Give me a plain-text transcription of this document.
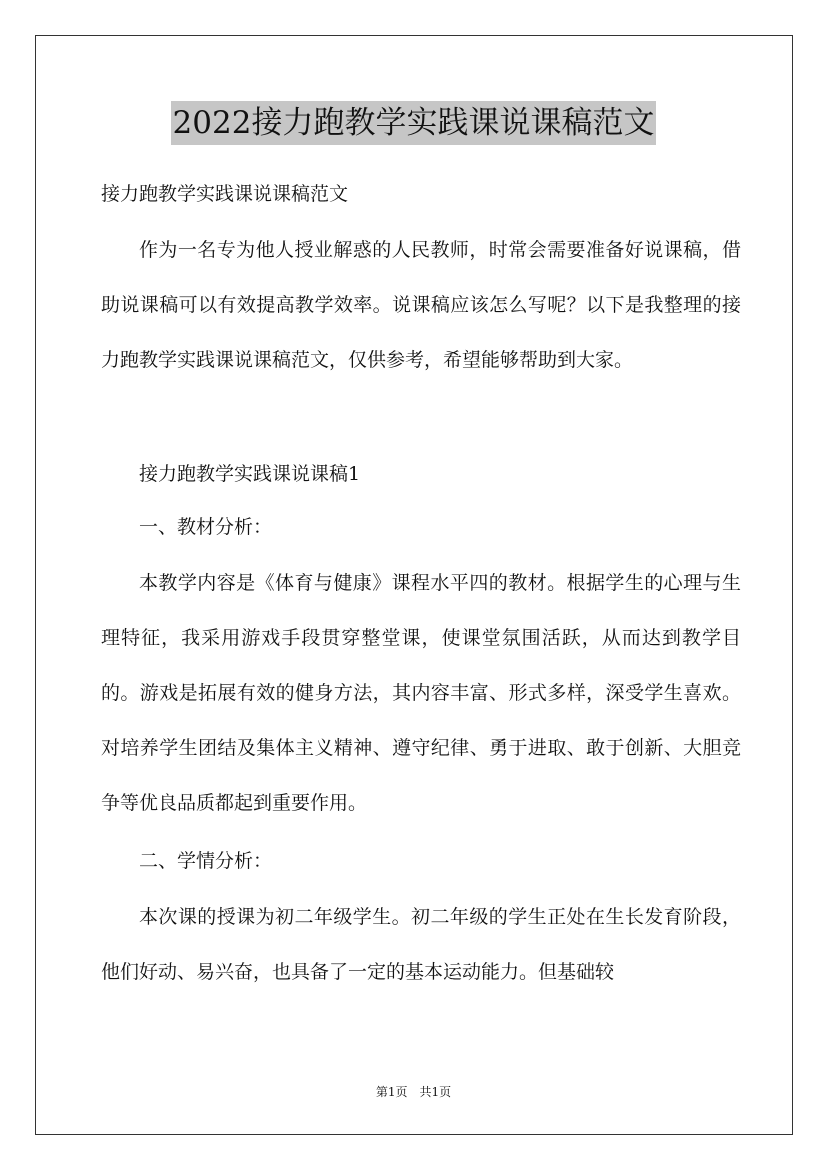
2022接力跑教学实践课说课稿范文

接力跑教学实践课说课稿范文

作为一名专为他人授业解惑的人民教师，时常会需要准备好说课稿，借助说课稿可以有效提高教学效率。说课稿应该怎么写呢？以下是我整理的接力跑教学实践课说课稿范文，仅供参考，希望能够帮助到大家。

接力跑教学实践课说课稿1

一、教材分析：

本教学内容是《体育与健康》课程水平四的教材。根据学生的心理与生理特征，我采用游戏手段贯穿整堂课，使课堂氛围活跃，从而达到教学目的。游戏是拓展有效的健身方法，其内容丰富、形式多样，深受学生喜欢。对培养学生团结及集体主义精神、遵守纪律、勇于进取、敢于创新、大胆竞争等优良品质都起到重要作用。

二、学情分析：

本次课的授课为初二年级学生。初二年级的学生正处在生长发育阶段，他们好动、易兴奋，也具备了一定的基本运动能力。但基础较

第1页　共1页
